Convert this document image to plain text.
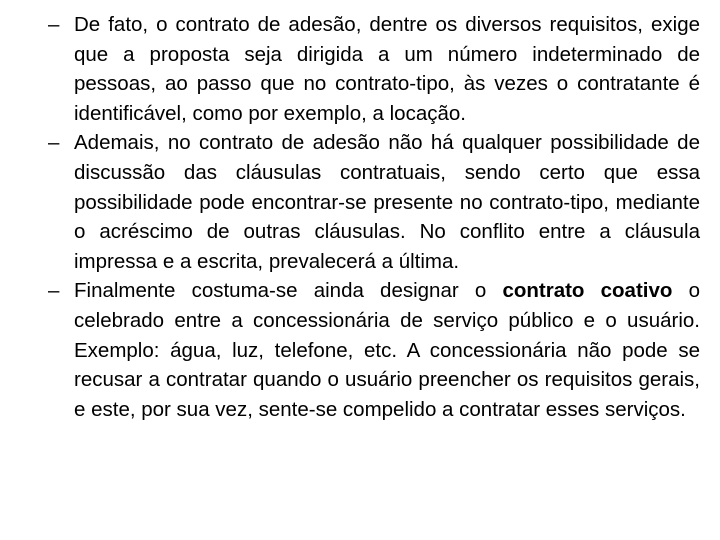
– De fato, o contrato de adesão, dentre os diversos requisitos, exige que a proposta seja dirigida a um número indeterminado de pessoas, ao passo que no contrato-tipo, às vezes o contratante é identificável, como por exemplo, a locação.
– Ademais, no contrato de adesão não há qualquer possibilidade de discussão das cláusulas contratuais, sendo certo que essa possibilidade pode encontrar-se presente no contrato-tipo, mediante o acréscimo de outras cláusulas. No conflito entre a cláusula impressa e a escrita, prevalecerá a última.
– Finalmente costuma-se ainda designar o contrato coativo o celebrado entre a concessionária de serviço público e o usuário. Exemplo: água, luz, telefone, etc. A concessionária não pode se recusar a contratar quando o usuário preencher os requisitos gerais, e este, por sua vez, sente-se compelido a contratar esses serviços.
